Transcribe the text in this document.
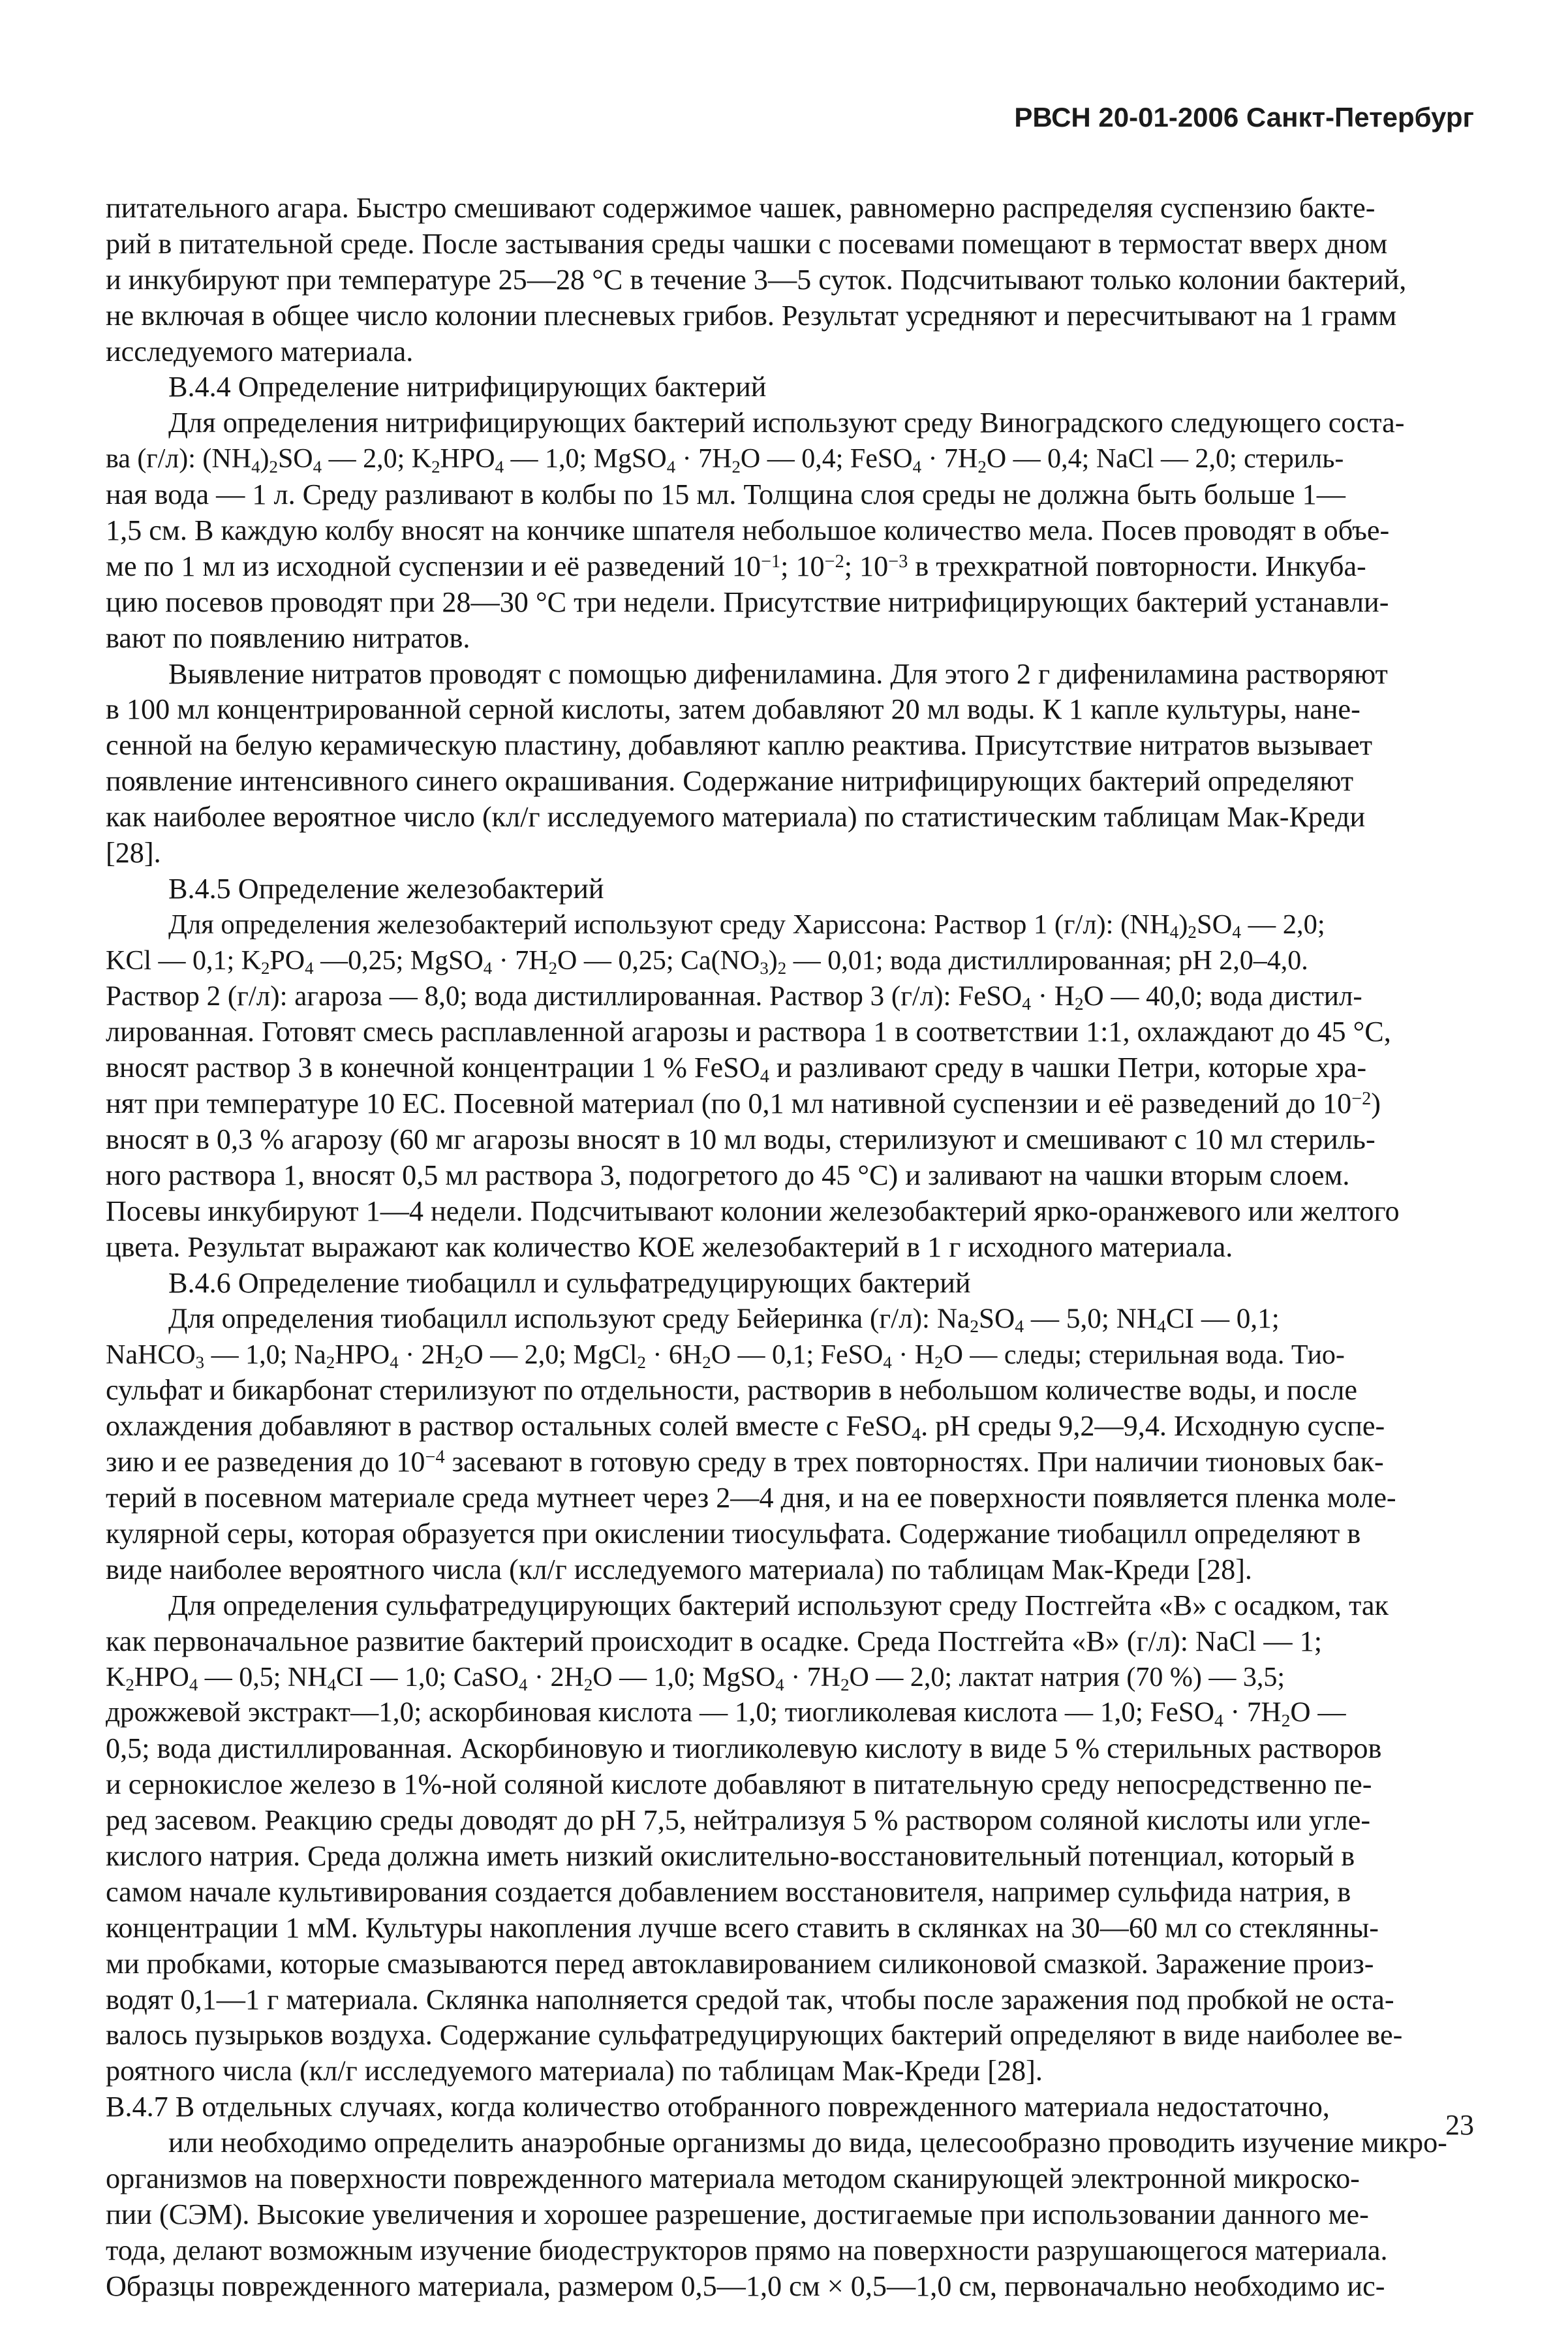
РВСН 20-01-2006 Санкт-Петербург
питательного агара. Быстро смешивают содержимое чашек, равномерно распределяя суспензию бакте-
рий в питательной среде. После застывания среды чашки с посевами помещают в термостат вверх дном
и инкубируют при температуре 25—28 °C в течение 3—5 суток. Подсчитывают только колонии бактерий,
не включая в общее число колонии плесневых грибов. Результат усредняют и пересчитывают на 1 грамм
исследуемого материала.
В.4.4 Определение нитрифицирующих бактерий
Для определения нитрифицирующих бактерий используют среду Виноградского следующего соста-
ва (г/л): $(NH_4)_2SO_4$ — 2,0; $K_2HPO_4$ — 1,0; MgSO$_4$ · $7H_2O$ — 0,4; FeSO$_4$ · $7H_2O$ — 0,4; NaCl — 2,0; стериль-
ная вода — 1 л. Среду разливают в колбы по 15 мл. Толщина слоя среды не должна быть больше 1—
1,5 см. В каждую колбу вносят на кончике шпателя небольшое количество мела. Посев проводят в объе-
ме по 1 мл из исходной суспензии и её разведений $10^{-1}$; $10^{-2}$; $10^{-3}$ в трехкратной повторности. Инкуба-
цию посевов проводят при 28—30 °C три недели. Присутствие нитрифицирующих бактерий устанавли-
вают по появлению нитратов.
Выявление нитратов проводят с помощью дифениламина. Для этого 2 г дифениламина растворяют
в 100 мл концентрированной серной кислоты, затем добавляют 20 мл воды. К 1 капле культуры, нане-
сенной на белую керамическую пластину, добавляют каплю реактива. Присутствие нитратов вызывает
появление интенсивного синего окрашивания. Содержание нитрифицирующих бактерий определяют
как наиболее вероятное число (кл/г исследуемого материала) по статистическим таблицам Мак-Креди
[28].
В.4.5 Определение железобактерий
Для определения железобактерий используют среду Хариссона: Раствор 1 (г/л): $(NH_4)_2SO_4$ — 2,0;
KCl — 0,1; $K_2PO_4$ —0,25; MgSO$_4$ · $7H_2O$ — 0,25; $Ca(NO_3)_2$ — 0,01; вода дистиллированная; pH 2,0–4,0.
Раствор 2 (г/л): агароза — 8,0; вода дистиллированная. Раствор 3 (г/л): FeSO$_4$ · $H_2O$ — 40,0; вода дистил-
лированная. Готовят смесь расплавленной агарозы и раствора 1 в соответствии 1:1, охлаждают до 45 °C,
вносят раствор 3 в конечной концентрации 1 % FeSO$_4$ и разливают среду в чашки Петри, которые хра-
нят при температуре 10 ЕС. Посевной материал (по 0,1 мл нативной суспензии и её разведений до $10^{-2}$)
вносят в 0,3 % агарозу (60 мг агарозы вносят в 10 мл воды, стерилизуют и смешивают с 10 мл стериль-
ного раствора 1, вносят 0,5 мл раствора 3, подогретого до 45 °C) и заливают на чашки вторым слоем.
Посевы инкубируют 1—4 недели. Подсчитывают колонии железобактерий ярко-оранжевого или желтого
цвета. Результат выражают как количество КОЕ железобактерий в 1 г исходного материала.
В.4.6 Определение тиобацилл и сульфатредуцирующих бактерий
Для определения тиобацилл используют среду Бейеринка (г/л): $Na_2SO_4$ — 5,0; $NH_4CI$ — 0,1;
NaHCO$_3$ — 1,0; $Na_2HPO_4 \cdot 2H_2O$ — 2,0; MgCl$_2$ · $6H_2O$ — 0,1; FeSO$_4$ · $H_2O$ — следы; стерильная вода. Тио-
сульфат и бикарбонат стерилизуют по отдельности, растворив в небольшом количестве воды, и после
охлаждения добавляют в раствор остальных солей вместе с FeSO$_4$. pH среды 9,2—9,4. Исходную суспе-
зию и ее разведения до $10^{-4}$ засевают в готовую среду в трех повторностях. При наличии тионовых бак-
терий в посевном материале среда мутнеет через 2—4 дня, и на ее поверхности появляется пленка моле-
кулярной серы, которая образуется при окислении тиосульфата. Содержание тиобацилл определяют в
виде наиболее вероятного числа (кл/г исследуемого материала) по таблицам Мак-Креди [28].
Для определения сульфатредуцирующих бактерий используют среду Постгейта «В» с осадком, так
как первоначальное развитие бактерий происходит в осадке. Среда Постгейта «В» (г/л): NaCl — 1;
$K_2HPO_4$ — 0,5; $NH_4CI$ — 1,0; CaSO$_4$ · $2H_2O$ — 1,0; MgSO$_4$ · $7H_2O$ — 2,0; лактат натрия (70 %) — 3,5;
дрожжевой экстракт—1,0; аскорбиновая кислота — 1,0; тиогликолевая кислота — 1,0; FeSO$_4$ · $7H_2O$ —
0,5; вода дистиллированная. Аскорбиновую и тиогликолевую кислоту в виде 5 % стерильных растворов
и сернокислое железо в 1%-ной соляной кислоте добавляют в питательную среду непосредственно пе-
ред засевом. Реакцию среды доводят до pH 7,5, нейтрализуя 5 % раствором соляной кислоты или угле-
кислого натрия. Среда должна иметь низкий окислительно-восстановительный потенциал, который в
самом начале культивирования создается добавлением восстановителя, например сульфида натрия, в
концентрации 1 мМ. Культуры накопления лучше всего ставить в склянках на 30—60 мл со стеклянны-
ми пробками, которые смазываются перед автоклавированием силиконовой смазкой. Заражение произ-
водят 0,1—1 г материала. Склянка наполняется средой так, чтобы после заражения под пробкой не оста-
валось пузырьков воздуха. Содержание сульфатредуцирующих бактерий определяют в виде наиболее ве-
роятного числа (кл/г исследуемого материала) по таблицам Мак-Креди [28].
В.4.7 В отдельных случаях, когда количество отобранного поврежденного материала недостаточно,
или необходимо определить анаэробные организмы до вида, целесообразно проводить изучение микро-
организмов на поверхности поврежденного материала методом сканирующей электронной микроско-
пии (СЭМ). Высокие увеличения и хорошее разрешение, достигаемые при использовании данного ме-
тода, делают возможным изучение биодеструкторов прямо на поверхности разрушающегося материала.
Образцы поврежденного материала, размером 0,5—1,0 см × 0,5—1,0 см, первоначально необходимо ис-
23
